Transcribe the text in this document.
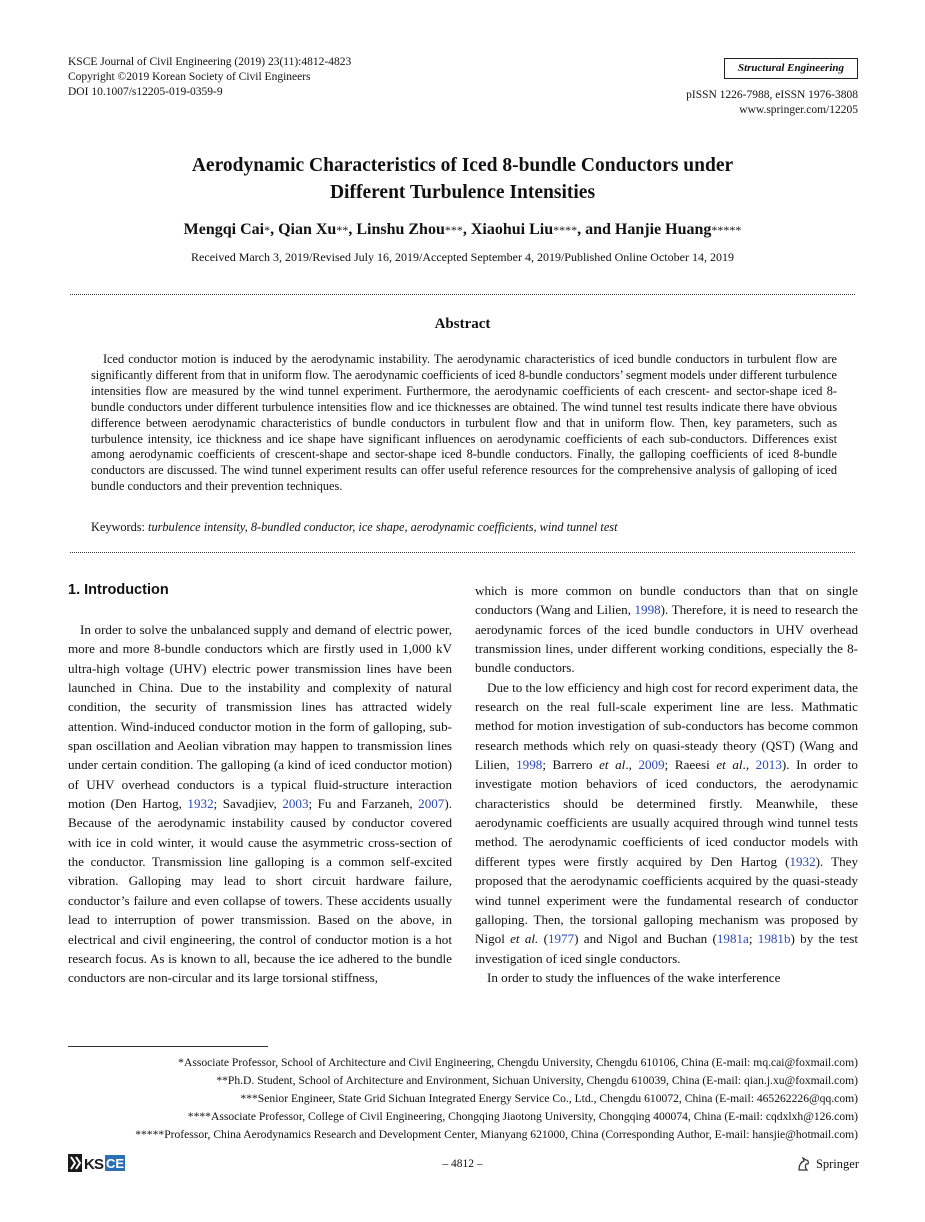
KSCE Journal of Civil Engineering (2019) 23(11):4812-4823
Copyright ©2019 Korean Society of Civil Engineers
DOI 10.1007/s12205-019-0359-9
Structural Engineering
pISSN 1226-7988, eISSN 1976-3808
www.springer.com/12205
Aerodynamic Characteristics of Iced 8-bundle Conductors under
Different Turbulence Intensities
Mengqi Cai*, Qian Xu**, Linshu Zhou***, Xiaohui Liu****, and Hanjie Huang*****
Received March 3, 2019/Revised July 16, 2019/Accepted September 4, 2019/Published Online October 14, 2019
Abstract

Iced conductor motion is induced by the aerodynamic instability. The aerodynamic characteristics of iced bundle conductors in turbulent flow are significantly different from that in uniform flow. The aerodynamic coefficients of iced 8-bundle conductors’ segment models under different turbulence intensities flow are measured by the wind tunnel experiment. Furthermore, the aerodynamic coefficients of each crescent- and sector-shape iced 8-bundle conductors under different turbulence intensities flow and ice thicknesses are obtained. The wind tunnel test results indicate there have obvious difference between aerodynamic characteristics of bundle conductors in turbulent flow and that in uniform flow. Then, key parameters, such as turbulence intensity, ice thickness and ice shape have significant influences on aerodynamic coefficients of each sub-conductors. Differences exist among aerodynamic coefficients of crescent-shape and sector-shape iced 8-bundle conductors. Finally, the galloping coefficients of iced 8-bundle conductors are discussed. The wind tunnel experiment results can offer useful reference resources for the comprehensive analysis of galloping of iced bundle conductors and their prevention techniques.

Keywords: turbulence intensity, 8-bundled conductor, ice shape, aerodynamic coefficients, wind tunnel test
1. Introduction

In order to solve the unbalanced supply and demand of electric power, more and more 8-bundle conductors which are firstly used in 1,000 kV ultra-high voltage (UHV) electric power transmission lines have been launched in China. Due to the instability and complexity of natural condition, the security of transmission lines has attracted widely attention. Wind-induced conductor motion in the form of galloping, sub-span oscillation and Aeolian vibration may happen to transmission lines under certain condition. The galloping (a kind of iced conductor motion) of UHV overhead conductors is a typical fluid-structure interaction motion (Den Hartog, 1932; Savadjiev, 2003; Fu and Farzaneh, 2007). Because of the aerodynamic instability caused by conductor covered with ice in cold winter, it would cause the asymmetric cross-section of the conductor. Transmission line galloping is a common self-excited vibration. Galloping may lead to short circuit hardware failure, conductor’s failure and even collapse of towers. These accidents usually lead to interruption of power transmission. Based on the above, in electrical and civil engineering, the control of conductor motion is a hot research focus. As is known to all, because the ice adhered to the bundle conductors are non-circular and its large torsional stiffness,

which is more common on bundle conductors than that on single conductors (Wang and Lilien, 1998). Therefore, it is need to research the aerodynamic forces of the iced bundle conductors in UHV overhead transmission lines, under different working conditions, especially the 8-bundle conductors.

Due to the low efficiency and high cost for record experiment data, the research on the real full-scale experiment line are less. Mathmatic method for motion investigation of sub-conductors has become common research methods which rely on quasi-steady theory (QST) (Wang and Lilien, 1998; Barrero et al., 2009; Raeesi et al., 2013). In order to investigate motion behaviors of iced conductors, the aerodynamic characteristics should be determined firstly. Meanwhile, these aerodynamic coefficients are usually acquired through wind tunnel tests method. The aerodynamic coefficients of iced conductor models with different types were firstly acquired by Den Hartog (1932). They proposed that the aerodynamic coefficients acquired by the quasi-steady wind tunnel experiment were the fundamental research of conductor galloping. Then, the torsional galloping mechanism was proposed by Nigol et al. (1977) and Nigol and Buchan (1981a; 1981b) by the test investigation of iced single conductors.

In order to study the influences of the wake interference

*Associate Professor, School of Architecture and Civil Engineering, Chengdu University, Chengdu 610106, China (E-mail: mq.cai@foxmail.com)
**Ph.D. Student, School of Architecture and Environment, Sichuan University, Chengdu 610039, China (E-mail: qian.j.xu@foxmail.com)
***Senior Engineer, State Grid Sichuan Integrated Energy Service Co., Ltd., Chengdu 610072, China (E-mail: 465262226@qq.com)
****Associate Professor, College of Civil Engineering, Chongqing Jiaotong University, Chongqing 400074, China (E-mail: cqdxlxh@126.com)
*****Professor, China Aerodynamics Research and Development Center, Mianyang 621000, China (Corresponding Author, E-mail: hansjie@hotmail.com)
K S CE	– 4812 –	Springer
